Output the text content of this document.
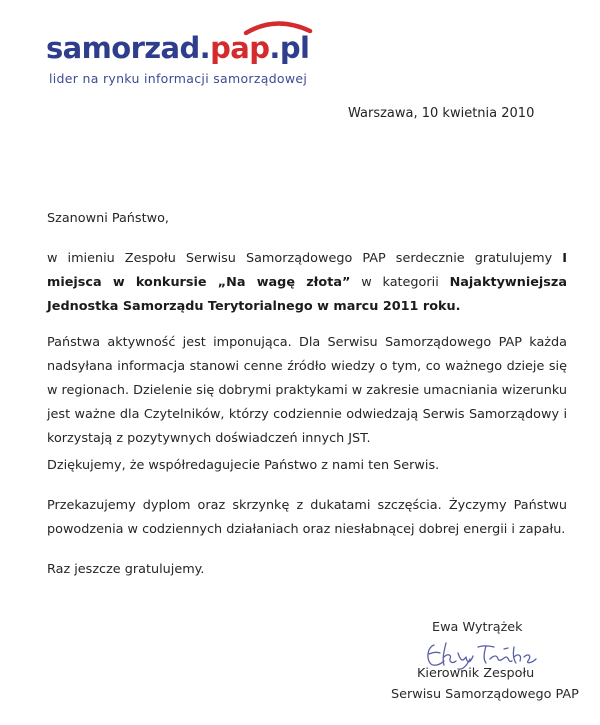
samorzad.pap.pl
lider na rynku informacji samorządowej
Warszawa, 10 kwietnia 2010
Szanowni Państwo,
w imieniu Zespołu Serwisu Samorządowego PAP serdecznie gratulujemy I miejsca w konkursie „Na wagę złota” w kategorii Najaktywniejsza Jednostka Samorządu Terytorialnego w marcu 2011 roku.
Państwa aktywność jest imponująca. Dla Serwisu Samorządowego PAP każda nadsyłana informacja stanowi cenne źródło wiedzy o tym, co ważnego dzieje się w regionach. Dzielenie się dobrymi praktykami w zakresie umacniania wizerunku jest ważne dla Czytelników, którzy codziennie odwiedzają Serwis Samorządowy i korzystają z pozytywnych doświadczeń innych JST.
Dziękujemy, że współredagujecie Państwo z nami ten Serwis.
Przekazujemy dyplom oraz skrzynkę z dukatami szczęścia. Życzymy Państwu powodzenia w codziennych działaniach oraz niesłabnącej dobrej energii i zapału.
Raz jeszcze gratulujemy.
Ewa Wytrążek
Kierownik Zespołu
Serwisu Samorządowego PAP
